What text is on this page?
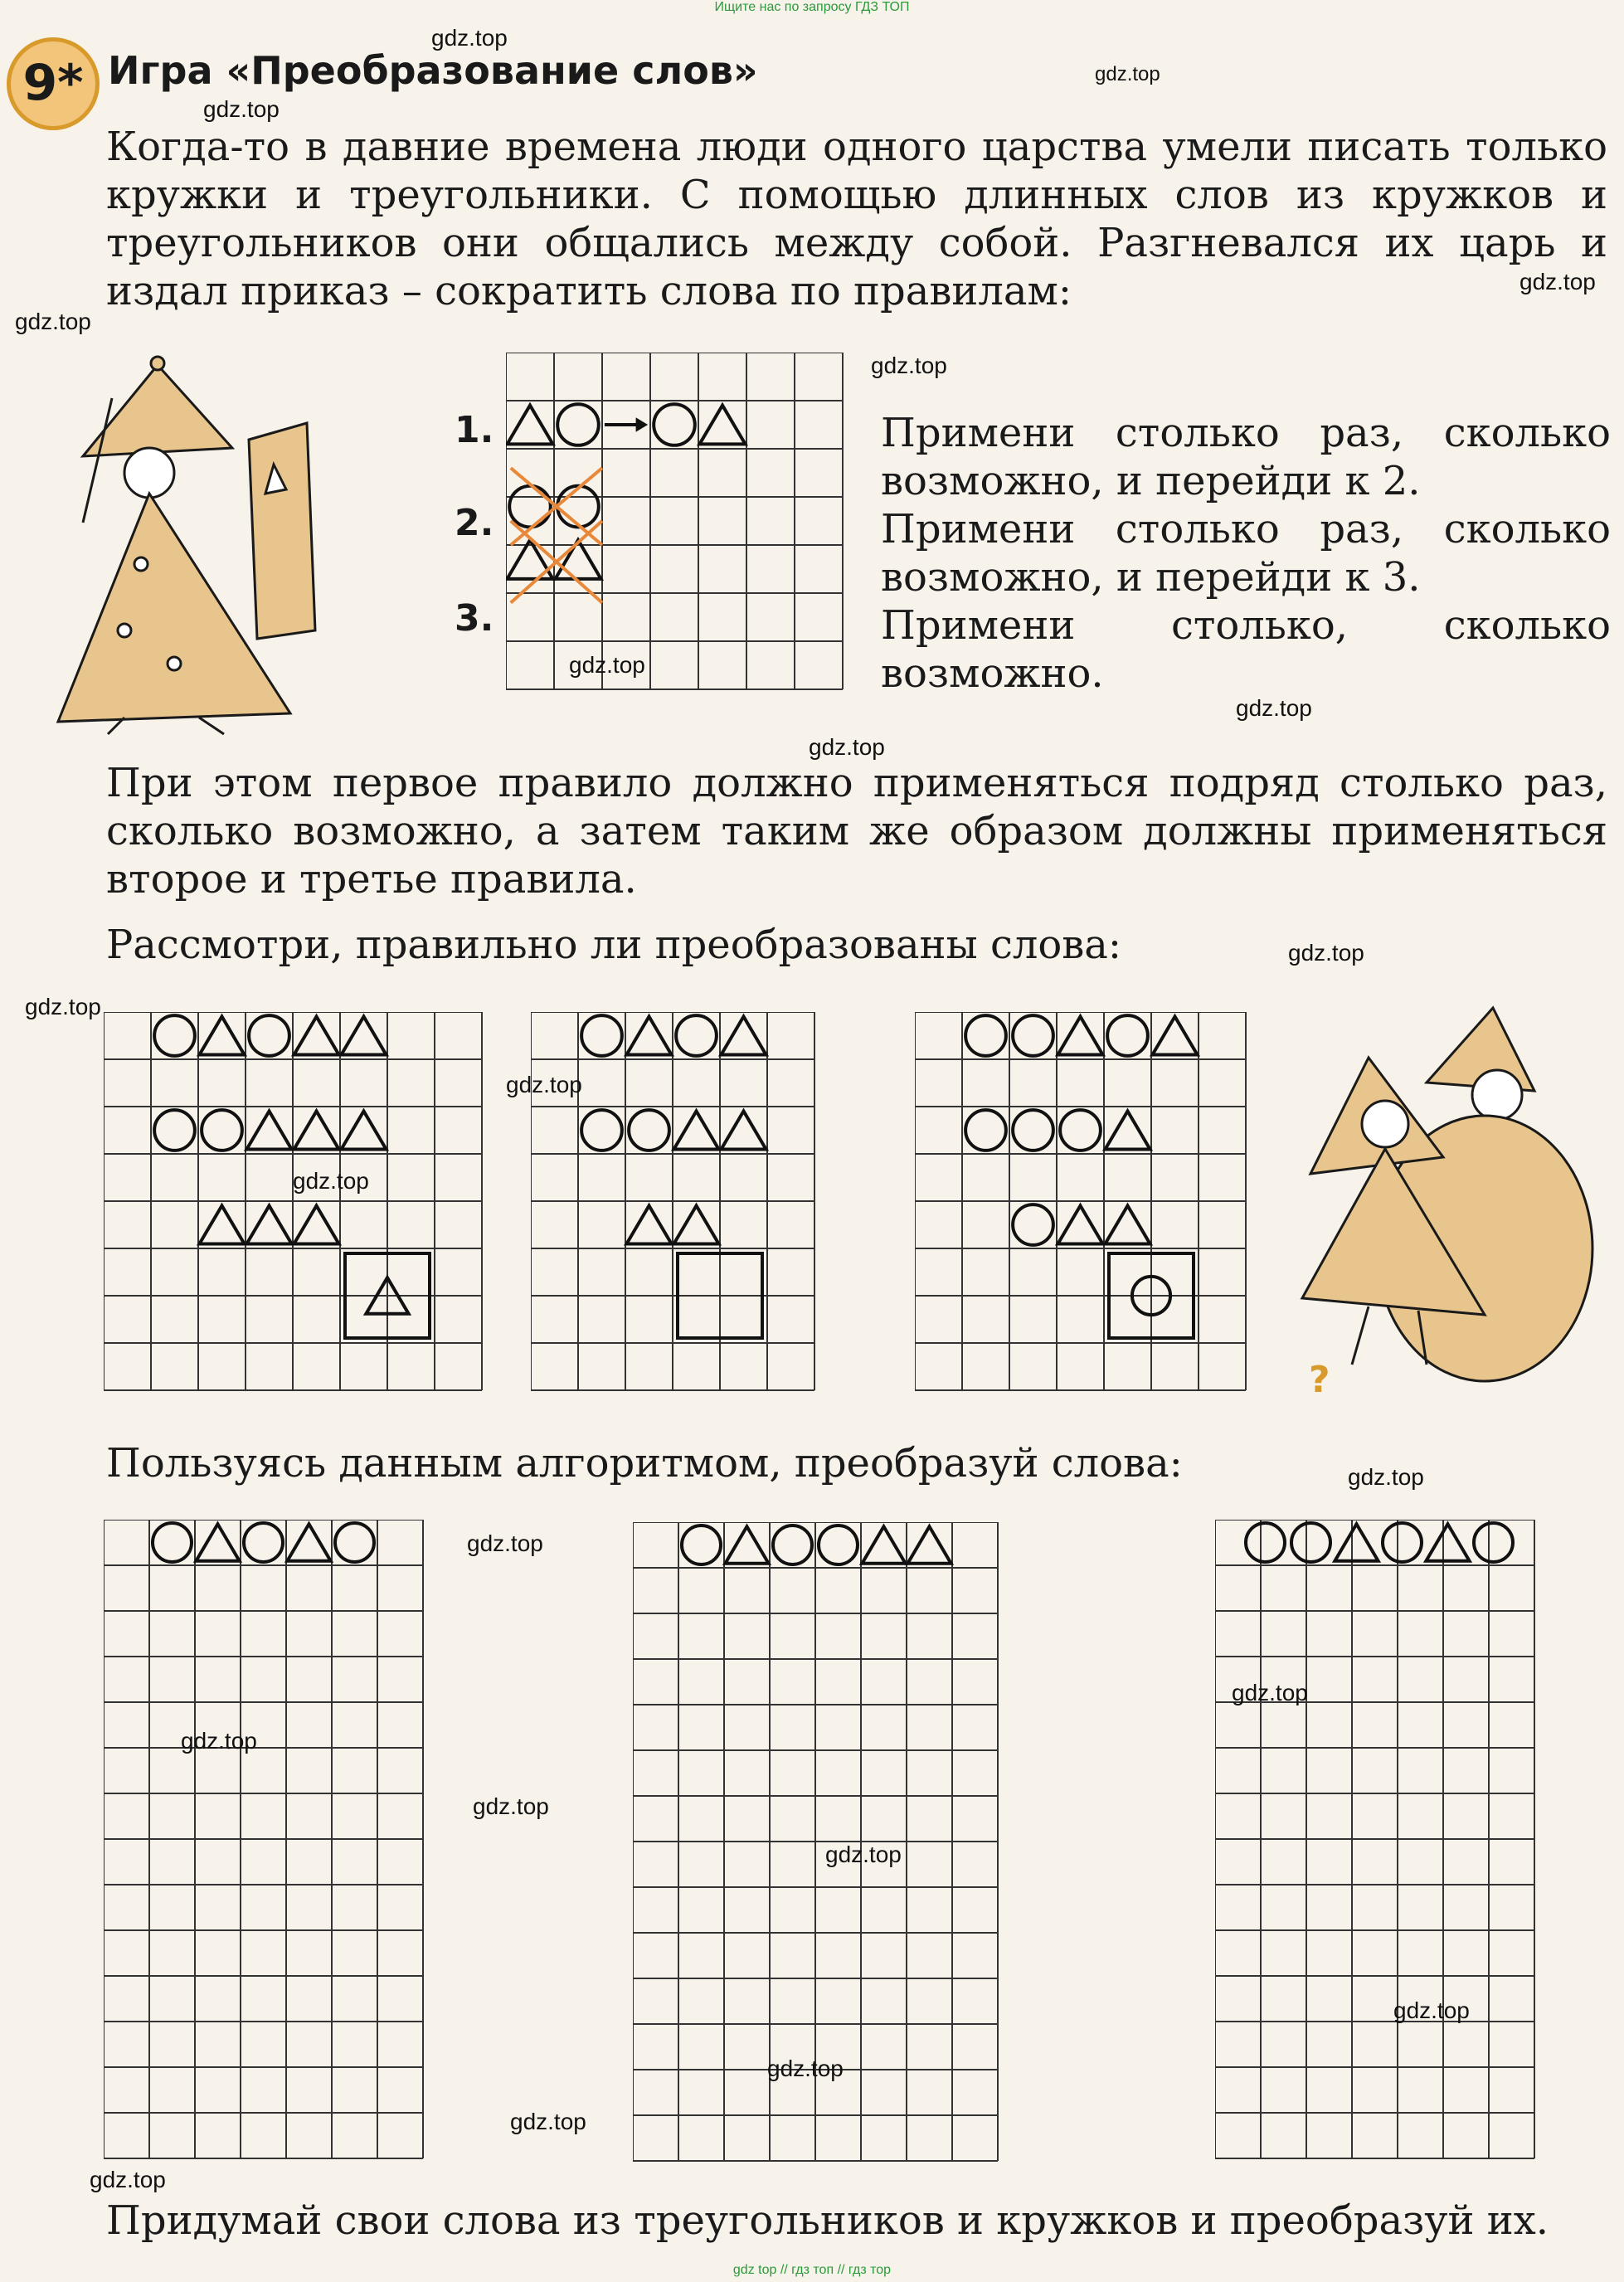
Ищите нас по запросу ГДЗ ТОП
9* Игра «Преобразование слов»
Когда-то в давние времена люди одного царства умели писать только кружки и треугольники. С помощью длинных слов из кружков и треугольников они общались между собой. Разгневался их царь и издал приказ – сократить слова по правилам:
1.
2.
3.
Примени столько раз, сколько возможно, и перейди к 2.
Примени столько раз, сколько возможно, и перейди к 3.
Примени столько, сколько возможно.
При этом первое правило должно применяться подряд столько раз, сколько возможно, а затем таким же образом должны применяться второе и третье правила.
Рассмотри, правильно ли преобразованы слова:
?
Пользуясь данным алгоритмом, преобразуй слова:
Придумай свои слова из треугольников и кружков и преобразуй их.
gdz.top
gdz.top
gdz.top
gdz.top
gdz.top
gdz.top
gdz.top
gdz.top
gdz.top
gdz.top
gdz.top
gdz.top
gdz.top
gdz.top
gdz.top
gdz.top
gdz.top
gdz.top
gdz.top
gdz.top
gdz.top
gdz.top
gdz.top
gdz top // гдз топ // гдз тор
